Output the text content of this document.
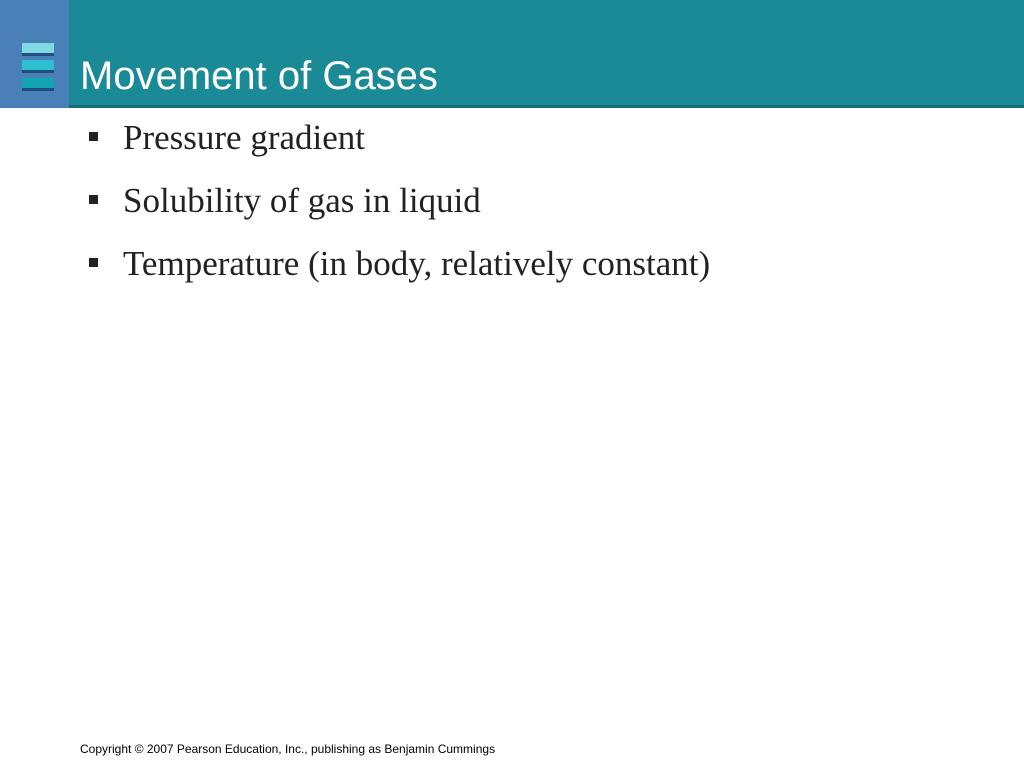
Movement of Gases
Pressure gradient
Solubility of gas in liquid
Temperature (in body, relatively constant)
Copyright © 2007 Pearson Education, Inc., publishing as Benjamin Cummings
